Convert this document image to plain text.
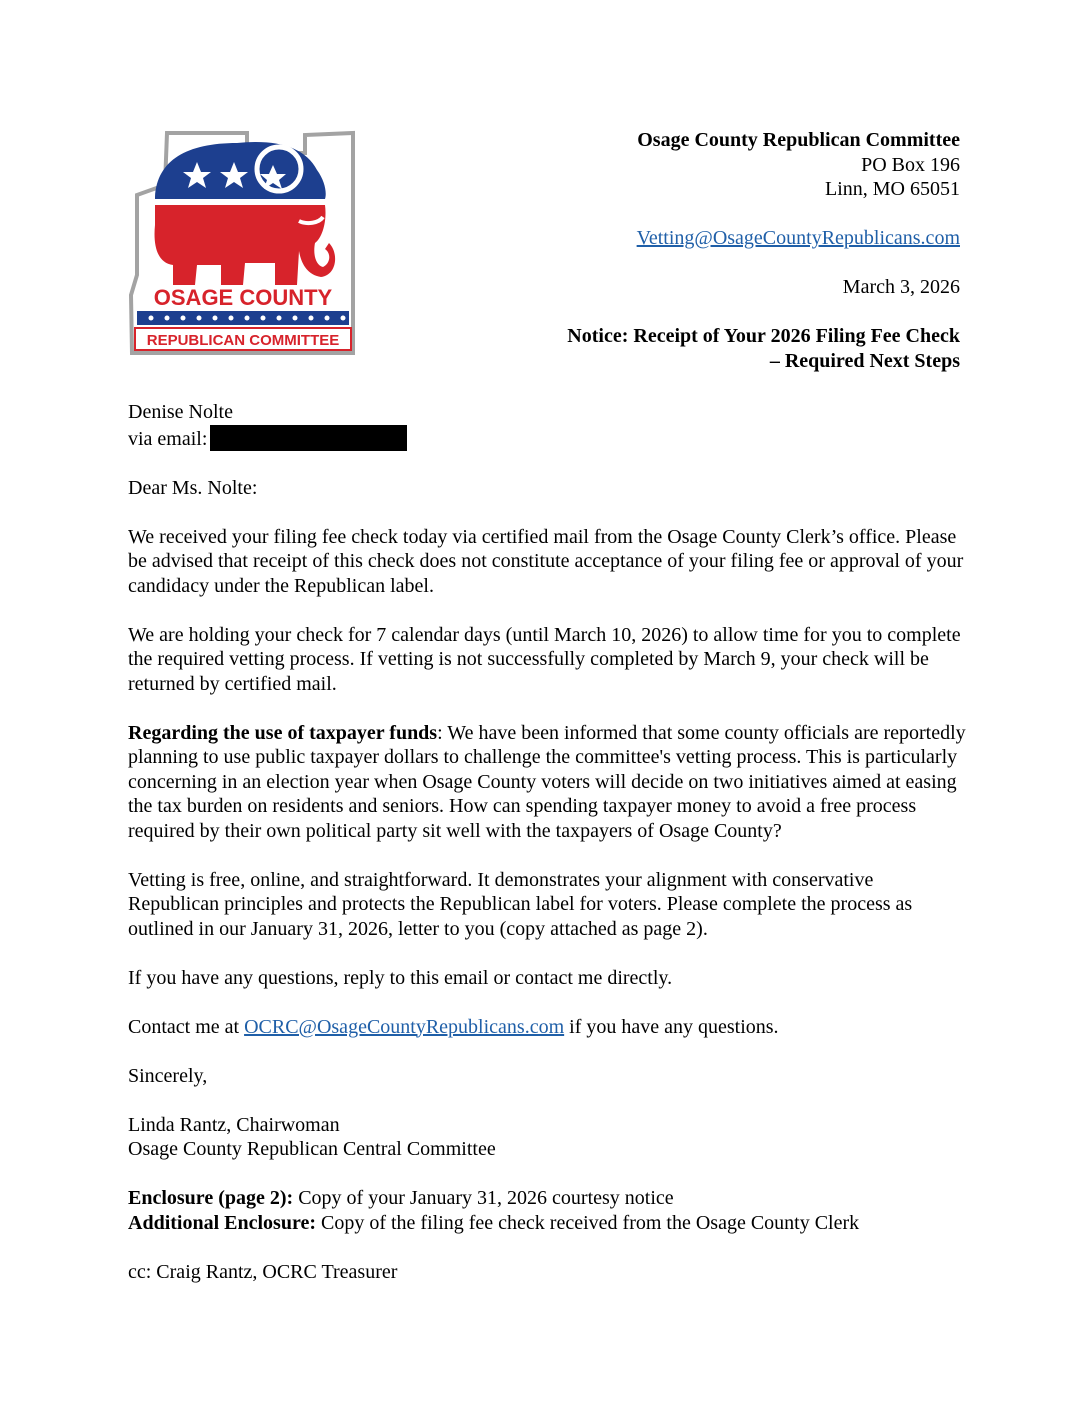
OSAGE COUNTY
REPUBLICAN COMMITTEE
Osage County Republican Committee
PO Box 196
Linn, MO 65051
Vetting@OsageCountyRepublicans.com
March 3, 2026
Notice: Receipt of Your 2026 Filing Fee Check
– Required Next Steps

Denise Nolte
via email:

Dear Ms. Nolte:

We received your filing fee check today via certified mail from the Osage County Clerk’s office. Please be advised that receipt of this check does not constitute acceptance of your filing fee or approval of your candidacy under the Republican label.

We are holding your check for 7 calendar days (until March 10, 2026) to allow time for you to complete the required vetting process. If vetting is not successfully completed by March 9, your check will be returned by certified mail.

Regarding the use of taxpayer funds: We have been informed that some county officials are reportedly planning to use public taxpayer dollars to challenge the committee's vetting process. This is particularly concerning in an election year when Osage County voters will decide on two initiatives aimed at easing the tax burden on residents and seniors. How can spending taxpayer money to avoid a free process required by their own political party sit well with the taxpayers of Osage County?

Vetting is free, online, and straightforward. It demonstrates your alignment with conservative Republican principles and protects the Republican label for voters. Please complete the process as outlined in our January 31, 2026, letter to you (copy attached as page 2).

If you have any questions, reply to this email or contact me directly.

Contact me at OCRC@OsageCountyRepublicans.com if you have any questions.

Sincerely,

Linda Rantz, Chairwoman
Osage County Republican Central Committee

Enclosure (page 2): Copy of your January 31, 2026 courtesy notice
Additional Enclosure: Copy of the filing fee check received from the Osage County Clerk

cc: Craig Rantz, OCRC Treasurer
